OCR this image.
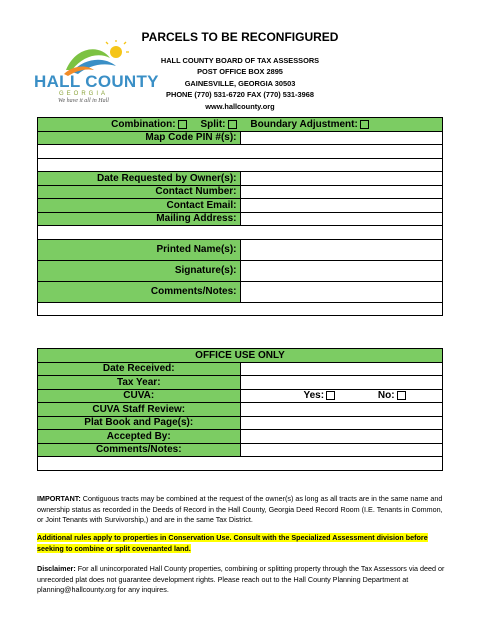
HALL COUNTY
GEORGIA
We have it all in Hall
PARCELS TO BE RECONFIGURED
HALL COUNTY BOARD OF TAX ASSESSORS
POST OFFICE BOX 2895
GAINESVILLE, GEORGIA 30503
PHONE (770) 531-6720 FAX (770) 531-3968
www.hallcounty.org
Combination: Split: Boundary Adjustment:	
Map Code PIN #(s):	

Date Requested by Owner(s):	
Contact Number:	
Contact Email:	
Mailing Address:	

Printed Name(s):	
Signature(s):	
Comments/Notes:	

OFFICE USE ONLY	
Date Received:	
Tax Year:	
CUVA:	Yes: No:
CUVA Staff Review:	
Plat Book and Page(s):	
Accepted By:	
Comments/Notes:	

IMPORTANT: Contiguous tracts may be combined at the request of the owner(s) as long as all tracts are in the same name and ownership status as recorded in the Deeds of Record in the Hall County, Georgia Deed Record Room (I.E. Tenants in Common, or Joint Tenants with Survivorship,) and are in the same Tax District.
Additional rules apply to properties in Conservation Use. Consult with the Specialized Assessment division before seeking to combine or split covenanted land.
Disclaimer: For all unincorporated Hall County properties, combining or splitting property through the Tax Assessors via deed or unrecorded plat does not guarantee development rights. Please reach out to the Hall County Planning Department at planning@hallcounty.org for any inquires.
